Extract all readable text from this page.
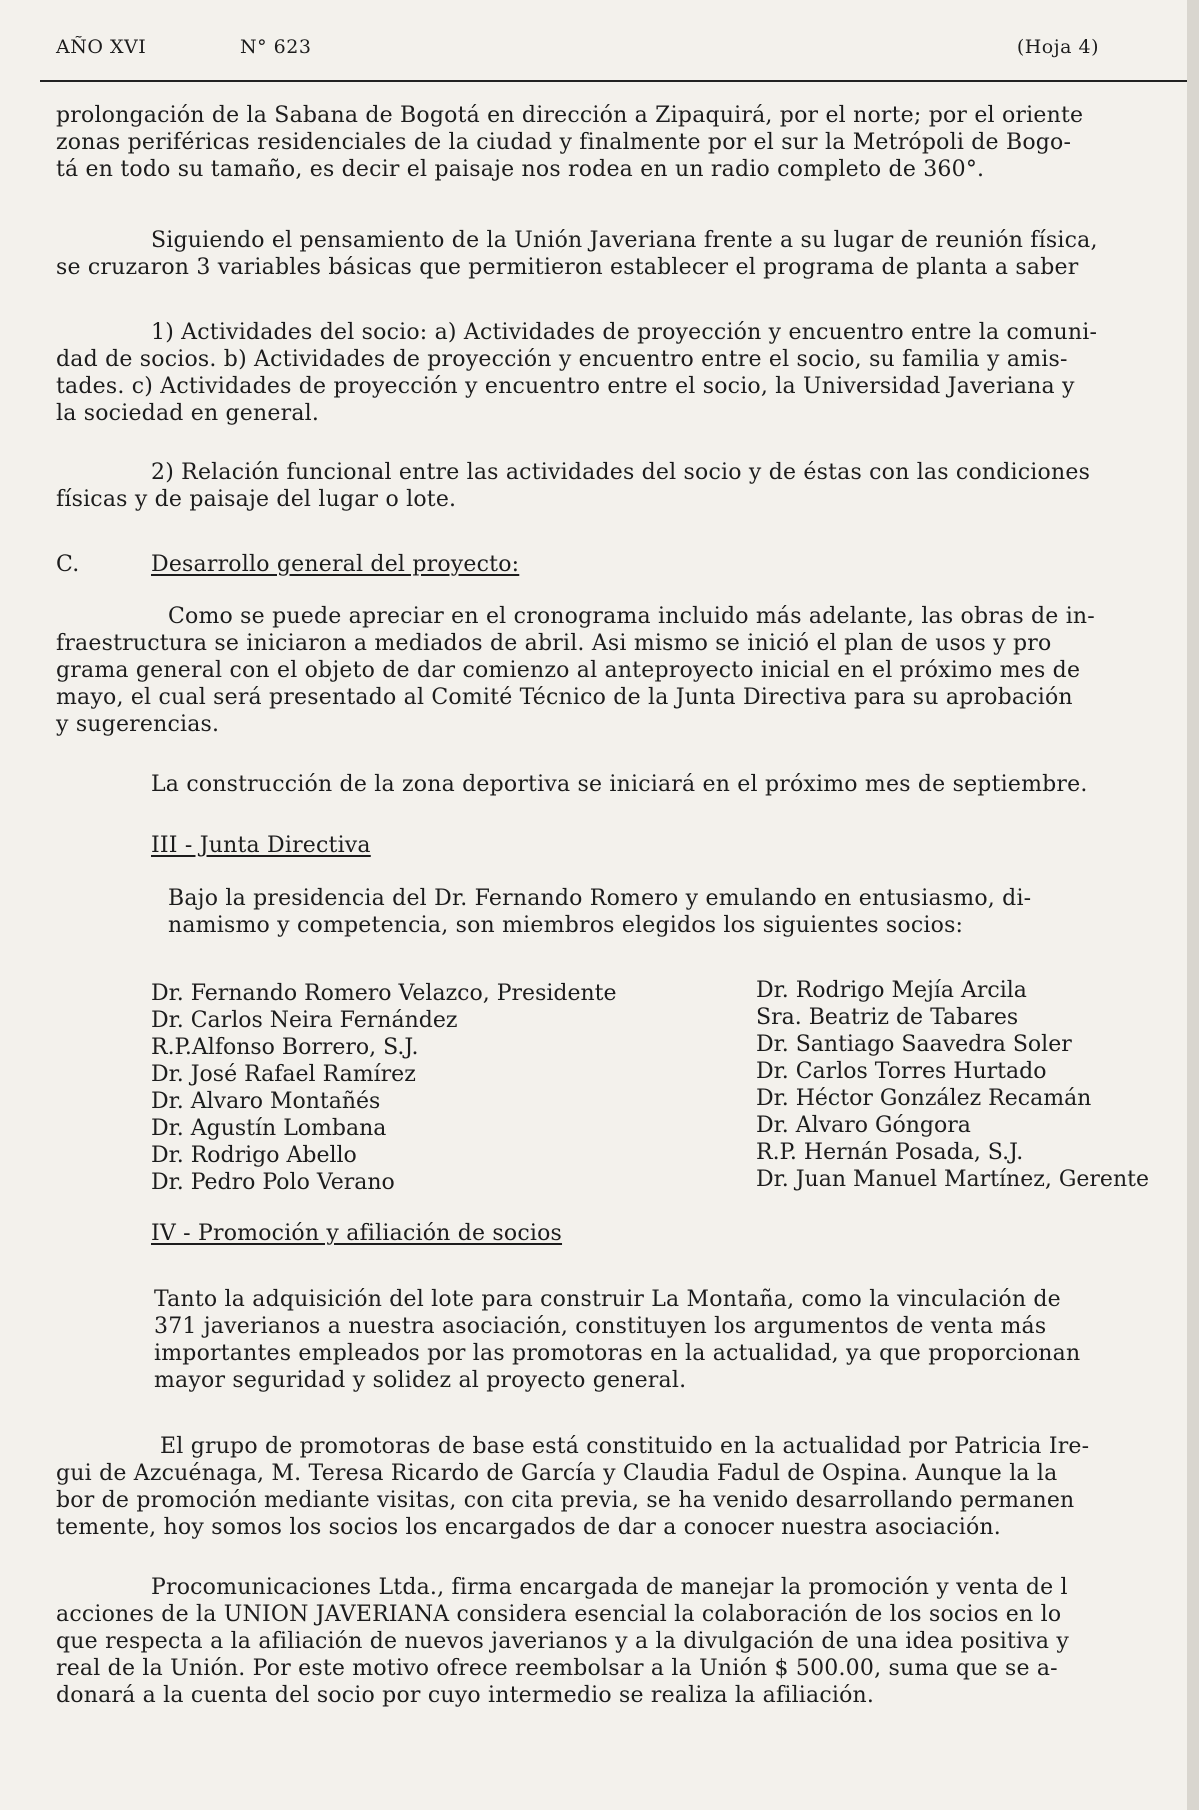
AÑO XVI	N° 623	(Hoja 4)
prolongación de la Sabana de Bogotá en dirección a Zipaquirá, por el norte; por el oriente
zonas periféricas residenciales de la ciudad y finalmente por el sur la Metrópoli de Bogo-
tá en todo su tamaño, es decir el paisaje nos rodea en un radio completo de 360°.
Siguiendo el pensamiento de la Unión Javeriana frente a su lugar de reunión física,
se cruzaron 3 variables básicas que permitieron establecer el programa de planta a saber
1) Actividades del socio: a) Actividades de proyección y encuentro entre la comuni-
dad de socios. b) Actividades de proyección y encuentro entre el socio, su familia y amis-
tades. c) Actividades de proyección y encuentro entre el socio, la Universidad Javeriana y
la sociedad en general.
2) Relación funcional entre las actividades del socio y de éstas con las condiciones
físicas y de paisaje del lugar o lote.
C.	Desarrollo general del proyecto:
Como se puede apreciar en el cronograma incluido más adelante, las obras de in-
fraestructura se iniciaron a mediados de abril. Asi mismo se inició el plan de usos y pro
grama general con el objeto de dar comienzo al anteproyecto inicial en el próximo mes de
mayo, el cual será presentado al Comité Técnico de la Junta Directiva para su aprobación
y sugerencias.
La construcción de la zona deportiva se iniciará en el próximo mes de septiembre.
III - Junta Directiva
Bajo la presidencia del Dr. Fernando Romero y emulando en entusiasmo, di-
namismo y competencia, son miembros elegidos los siguientes socios:
Dr. Fernando Romero Velazco, Presidente
Dr. Carlos Neira Fernández
R.P.Alfonso Borrero, S.J.
Dr. José Rafael Ramírez
Dr. Alvaro Montañés
Dr. Agustín Lombana
Dr. Rodrigo Abello
Dr. Pedro Polo Verano
Dr. Rodrigo Mejía Arcila
Sra. Beatriz de Tabares
Dr. Santiago Saavedra Soler
Dr. Carlos Torres Hurtado
Dr. Héctor González Recamán
Dr. Alvaro Góngora
R.P. Hernán Posada, S.J.
Dr. Juan Manuel Martínez, Gerente
IV - Promoción y afiliación de socios
Tanto la adquisición del lote para construir La Montaña, como la vinculación de
371 javerianos a nuestra asociación, constituyen los argumentos de venta más
importantes empleados por las promotoras en la actualidad, ya que proporcionan
mayor seguridad y solidez al proyecto general.
El grupo de promotoras de base está constituido en la actualidad por Patricia Ire-
gui de Azcuénaga, M. Teresa Ricardo de García y Claudia Fadul de Ospina. Aunque la la
bor de promoción mediante visitas, con cita previa, se ha venido desarrollando permanen
temente, hoy somos los socios los encargados de dar a conocer nuestra asociación.
Procomunicaciones Ltda., firma encargada de manejar la promoción y venta de l
acciones de la UNION JAVERIANA considera esencial la colaboración de los socios en lo
que respecta a la afiliación de nuevos javerianos y a la divulgación de una idea positiva y
real de la Unión. Por este motivo ofrece reembolsar a la Unión $ 500.00, suma que se a-
donará a la cuenta del socio por cuyo intermedio se realiza la afiliación.
